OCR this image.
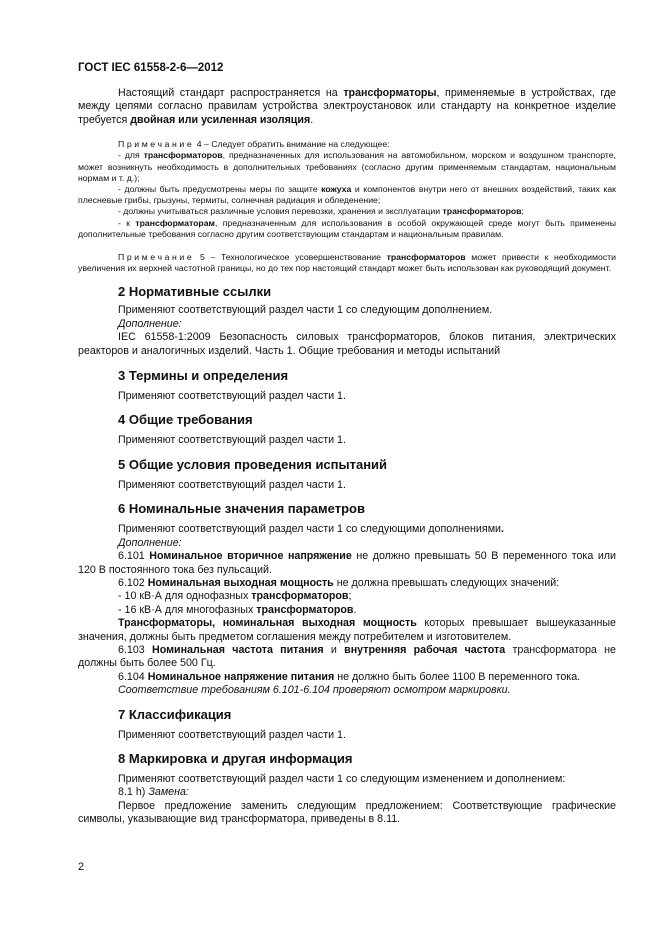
ГОСТ IEC 61558-2-6—2012

Настоящий стандарт распространяется на трансформаторы, применяемые в устройствах, где между цепями согласно правилам устройства электроустановок или стандарту на конкретное изделие требуется двойная или усиленная изоляция.

Примечание 4 – Следует обратить внимание на следующее:

- для трансформаторов, предназначенных для использования на автомобильном, морском и воздушном транспорте, может возникнуть необходимость в дополнительных требованиях (согласно другим применяемым стандартам, национальным нормам и т. д.);

- должны быть предусмотрены меры по защите кожуха и компонентов внутри него от внешних воздействий, таких как плесневые грибы, грызуны, термиты, солнечная радиация и обледенение;

- должны учитываться различные условия перевозки, хранения и эксплуатации трансформаторов;

- к трансформаторам, предназначенным для использования в особой окружающей среде могут быть применены дополнительные требования согласно другим соответствующим стандартам и национальным правилам.

Примечание 5 – Технологическое усовершенствование трансформаторов может привести к необходимости увеличения их верхней частотной границы, но до тех пор настоящий стандарт может быть использован как руководящий документ.

2 Нормативные ссылки

Применяют соответствующий раздел части 1 со следующим дополнением.

Дополнение:

IEC 61558-1:2009 Безопасность силовых трансформаторов, блоков питания, электрических реакторов и аналогичных изделий. Часть 1. Общие требования и методы испытаний

3 Термины и определения

Применяют соответствующий раздел части 1.

4 Общие требования

Применяют соответствующий раздел части 1.

5 Общие условия проведения испытаний

Применяют соответствующий раздел части 1.

6 Номинальные значения параметров

Применяют соответствующий раздел части 1 со следующими дополнениями.

Дополнение:

6.101 Номинальное вторичное напряжение не должно превышать 50 В переменного тока или 120 В постоянного тока без пульсаций.

6.102 Номинальная выходная мощность не должна превышать следующих значений:

- 10 кВ·А для однофазных трансформаторов;

- 16 кВ·А для многофазных трансформаторов.

Трансформаторы, номинальная выходная мощность которых превышает вышеуказанные значения, должны быть предметом соглашения между потребителем и изготовителем.

6.103 Номинальная частота питания и внутренняя рабочая частота трансформатора не должны быть более 500 Гц.

6.104 Номинальное напряжение питания не должно быть более 1100 В переменного тока.

Соответствие требованиям 6.101-6.104 проверяют осмотром маркировки.

7 Классификация

Применяют соответствующий раздел части 1.

8 Маркировка и другая информация

Применяют соответствующий раздел части 1 со следующим изменением и дополнением:

8.1 h) Замена:

Первое предложение заменить следующим предложением: Соответствующие графические символы, указывающие вид трансформатора, приведены в 8.11.

2
